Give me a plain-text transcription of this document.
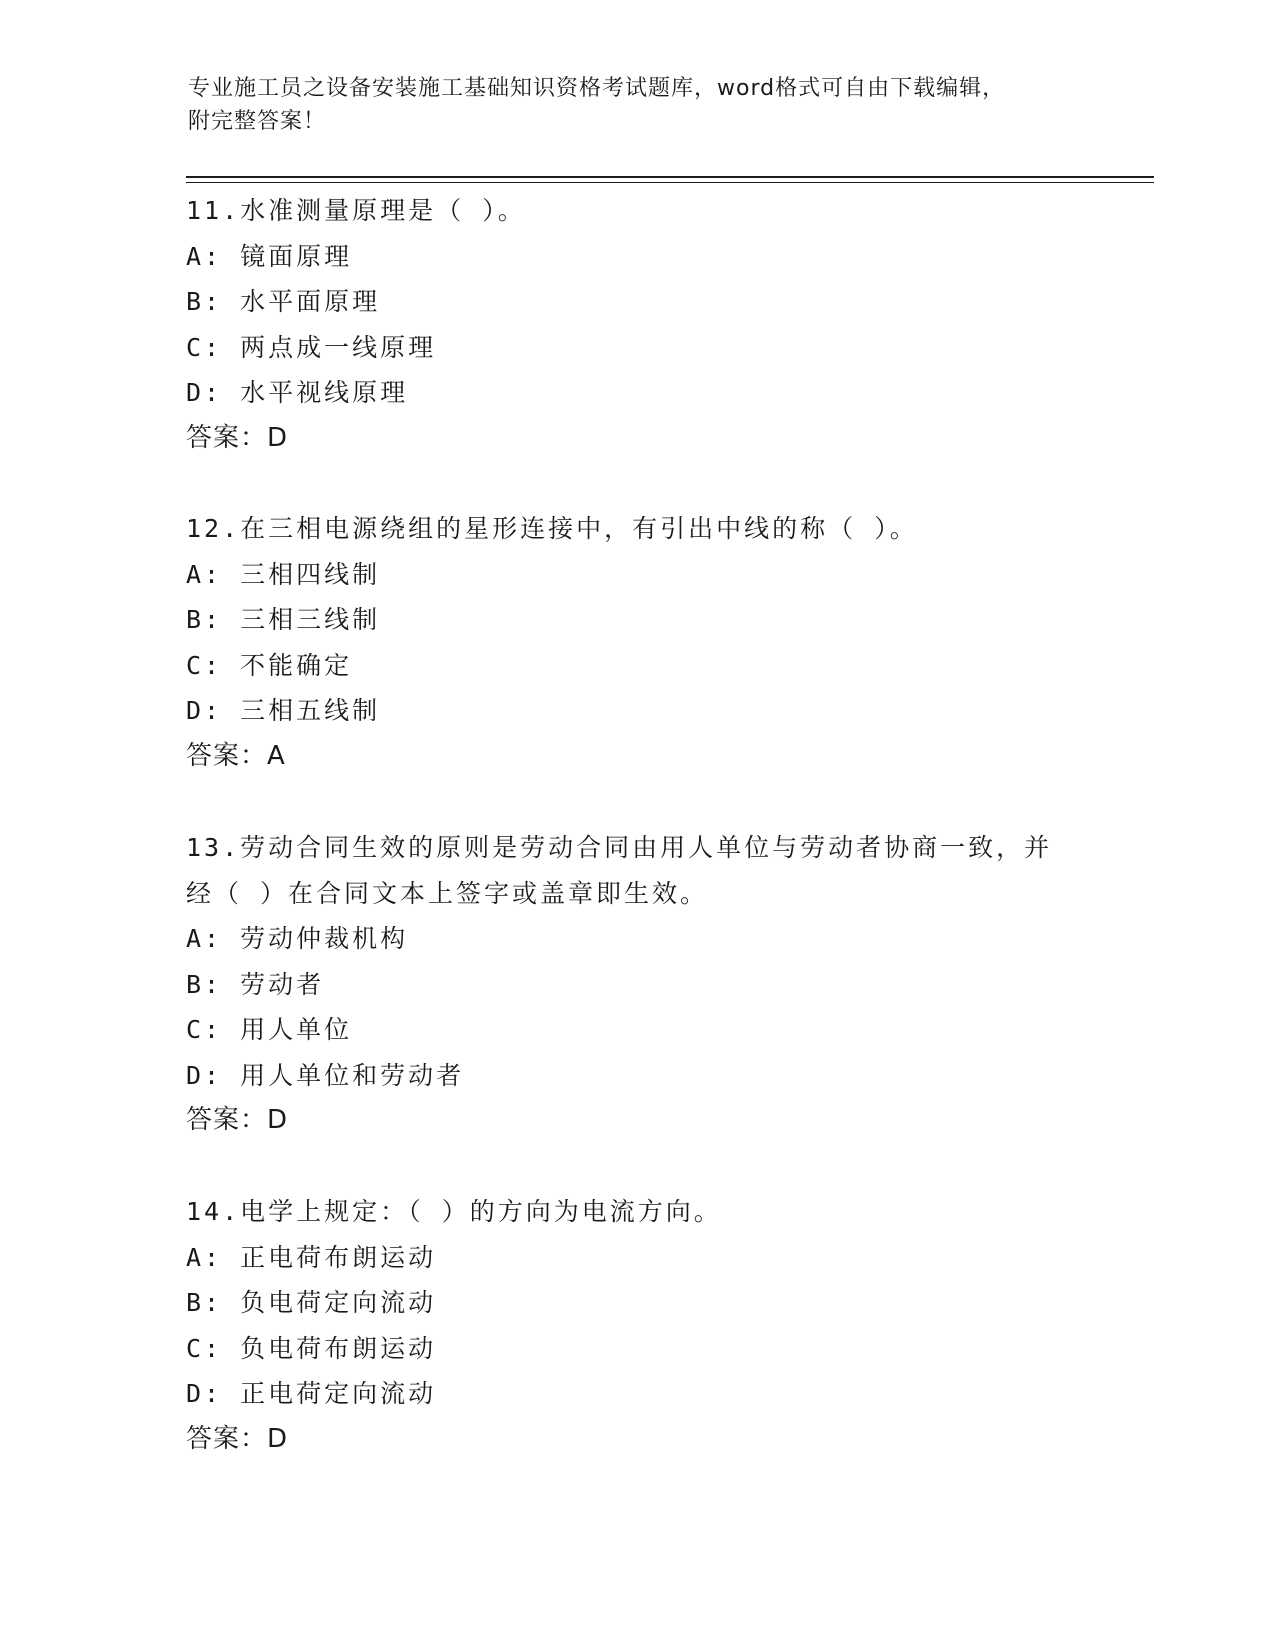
专业施工员之设备安装施工基础知识资格考试题库，word格式可自由下载编辑，
附完整答案！
11.水准测量原理是（ ）。
A: 镜面原理
B: 水平面原理
C: 两点成一线原理
D: 水平视线原理
答案：D
12.在三相电源绕组的星形连接中，有引出中线的称（ ）。
A: 三相四线制
B: 三相三线制
C: 不能确定
D: 三相五线制
答案：A
13.劳动合同生效的原则是劳动合同由用人单位与劳动者协商一致，并
经（ ）在合同文本上签字或盖章即生效。
A: 劳动仲裁机构
B: 劳动者
C: 用人单位
D: 用人单位和劳动者
答案：D
14.电学上规定：（ ）的方向为电流方向。
A: 正电荷布朗运动
B: 负电荷定向流动
C: 负电荷布朗运动
D: 正电荷定向流动
答案：D
